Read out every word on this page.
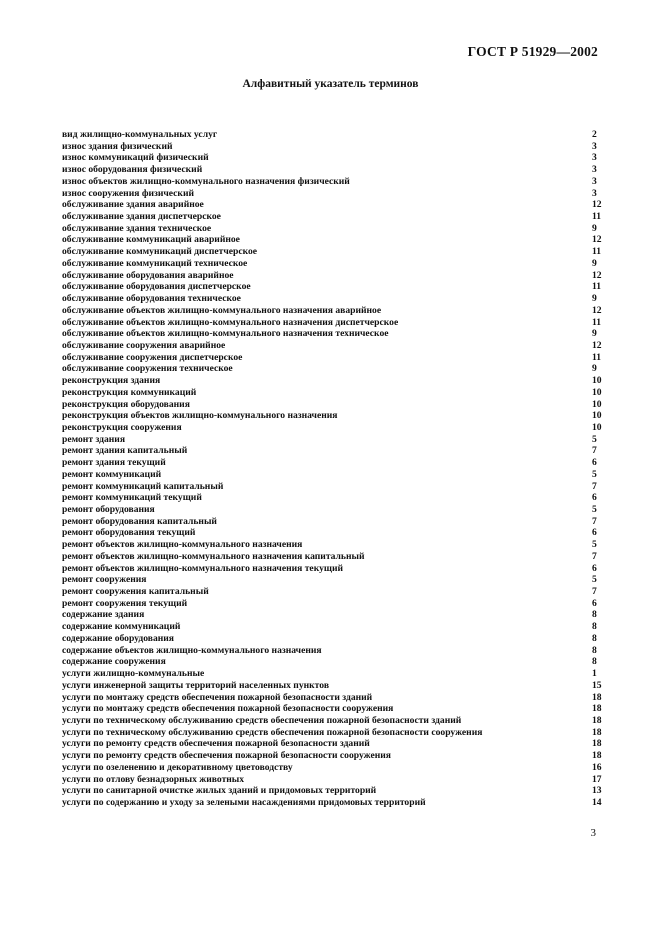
ГОСТ Р 51929—2002
Алфавитный указатель терминов
вид жилищно-коммунальных услуг	2
износ здания физический	3
износ коммуникаций физический	3
износ оборудования физический	3
износ объектов жилищно-коммунального назначения физический	3
износ сооружения физический	3
обслуживание здания аварийное	12
обслуживание здания диспетчерское	11
обслуживание здания техническое	9
обслуживание коммуникаций аварийное	12
обслуживание коммуникаций диспетчерское	11
обслуживание коммуникаций техническое	9
обслуживание оборудования аварийное	12
обслуживание оборудования диспетчерское	11
обслуживание оборудования техническое	9
обслуживание объектов жилищно-коммунального назначения аварийное	12
обслуживание объектов жилищно-коммунального назначения диспетчерское	11
обслуживание объектов жилищно-коммунального назначения техническое	9
обслуживание сооружения аварийное	12
обслуживание сооружения диспетчерское	11
обслуживание сооружения техническое	9
реконструкция здания	10
реконструкция коммуникаций	10
реконструкция оборудования	10
реконструкция объектов жилищно-коммунального назначения	10
реконструкция сооружения	10
ремонт здания	5
ремонт здания капитальный	7
ремонт здания текущий	6
ремонт коммуникаций	5
ремонт коммуникаций капитальный	7
ремонт коммуникаций текущий	6
ремонт оборудования	5
ремонт оборудования капитальный	7
ремонт оборудования текущий	6
ремонт объектов жилищно-коммунального назначения	5
ремонт объектов жилищно-коммунального назначения капитальный	7
ремонт объектов жилищно-коммунального назначения текущий	6
ремонт сооружения	5
ремонт сооружения капитальный	7
ремонт сооружения текущий	6
содержание здания	8
содержание коммуникаций	8
содержание оборудования	8
содержание объектов жилищно-коммунального назначения	8
содержание сооружения	8
услуги жилищно-коммунальные	1
услуги инженерной защиты территорий населенных пунктов	15
услуги по монтажу средств обеспечения пожарной безопасности зданий	18
услуги по монтажу средств обеспечения пожарной безопасности сооружения	18
услуги по техническому обслуживанию средств обеспечения пожарной безопасности зданий	18
услуги по техническому обслуживанию средств обеспечения пожарной безопасности сооружения	18
услуги по ремонту средств обеспечения пожарной безопасности зданий	18
услуги по ремонту средств обеспечения пожарной безопасности сооружения	18
услуги по озеленению и декоративному цветоводству	16
услуги по отлову безнадзорных животных	17
услуги по санитарной очистке жилых зданий и придомовых территорий	13
услуги по содержанию и уходу за зелеными насаждениями придомовых территорий	14
3
